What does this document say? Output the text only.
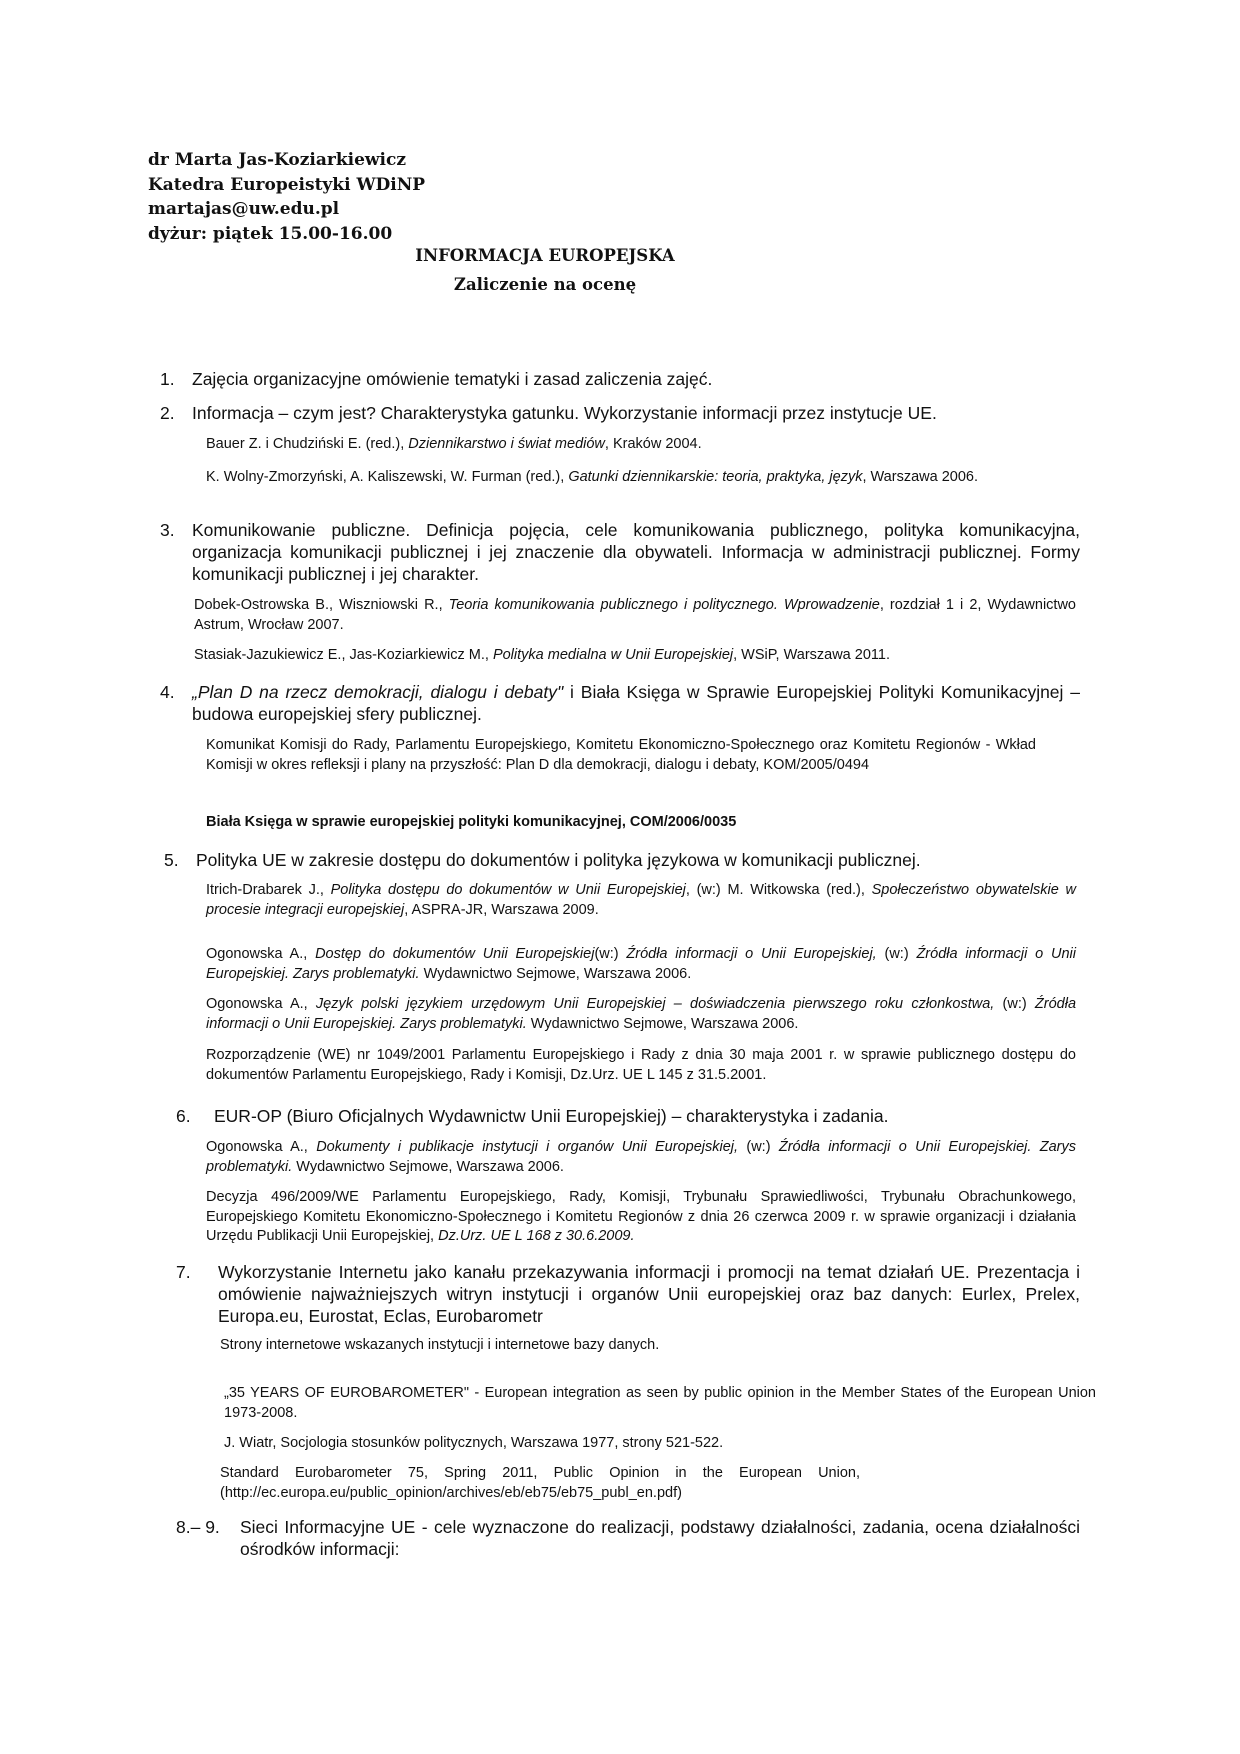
dr Marta Jas-Koziarkiewicz
Katedra Europeistyki WDiNP
martajas@uw.edu.pl
dyżur: piątek 15.00-16.00
INFORMACJA EUROPEJSKA
Zaliczenie na ocenę
1. Zajęcia organizacyjne omówienie tematyki i zasad zaliczenia zajęć.
2. Informacja – czym jest? Charakterystyka gatunku. Wykorzystanie informacji przez instytucje UE.
Bauer Z. i Chudziński E. (red.), Dziennikarstwo i świat mediów, Kraków 2004.
K. Wolny-Zmorzyński, A. Kaliszewski, W. Furman (red.), Gatunki dziennikarskie: teoria, praktyka, język, Warszawa 2006.
3. Komunikowanie publiczne. Definicja pojęcia, cele komunikowania publicznego, polityka komunikacyjna, organizacja komunikacji publicznej i jej znaczenie dla obywateli. Informacja w administracji publicznej. Formy komunikacji publicznej i jej charakter.
Dobek-Ostrowska B., Wiszniowski R., Teoria komunikowania publicznego i politycznego. Wprowadzenie, rozdział 1 i 2, Wydawnictwo Astrum, Wrocław 2007.
Stasiak-Jazukiewicz E., Jas-Koziarkiewicz M., Polityka medialna w Unii Europejskiej, WSiP, Warszawa 2011.
4. „Plan D na rzecz demokracji, dialogu i debaty" i Biała Księga w Sprawie Europejskiej Polityki Komunikacyjnej – budowa europejskiej sfery publicznej.
Komunikat Komisji do Rady, Parlamentu Europejskiego, Komitetu Ekonomiczno-Społecznego oraz Komitetu Regionów - Wkład Komisji w okres refleksji i plany na przyszłość: Plan D dla demokracji, dialogu i debaty, KOM/2005/0494
Biała Księga w sprawie europejskiej polityki komunikacyjnej, COM/2006/0035
5. Polityka UE w zakresie dostępu do dokumentów i polityka językowa w komunikacji publicznej.
Itrich-Drabarek J., Polityka dostępu do dokumentów w Unii Europejskiej, (w:) M. Witkowska (red.), Społeczeństwo obywatelskie w procesie integracji europejskiej, ASPRA-JR, Warszawa 2009.
Ogonowska A., Dostęp do dokumentów Unii Europejskiej(w:) Źródła informacji o Unii Europejskiej, (w:) Źródła informacji o Unii Europejskiej. Zarys problematyki. Wydawnictwo Sejmowe, Warszawa 2006.
Ogonowska A., Język polski językiem urzędowym Unii Europejskiej – doświadczenia pierwszego roku członkostwa, (w:) Źródła informacji o Unii Europejskiej. Zarys problematyki. Wydawnictwo Sejmowe, Warszawa 2006.
Rozporządzenie (WE) nr 1049/2001 Parlamentu Europejskiego i Rady z dnia 30 maja 2001 r. w sprawie publicznego dostępu do dokumentów Parlamentu Europejskiego, Rady i Komisji, Dz.Urz. UE L 145 z 31.5.2001.
6.	EUR-OP (Biuro Oficjalnych Wydawnictw Unii Europejskiej) – charakterystyka i zadania.
Ogonowska A., Dokumenty i publikacje instytucji i organów Unii Europejskiej, (w:) Źródła informacji o Unii Europejskiej. Zarys problematyki. Wydawnictwo Sejmowe, Warszawa 2006.
Decyzja 496/2009/WE Parlamentu Europejskiego, Rady, Komisji, Trybunału Sprawiedliwości, Trybunału Obrachunkowego, Europejskiego Komitetu Ekonomiczno-Społecznego i Komitetu Regionów z dnia 26 czerwca 2009 r. w sprawie organizacji i działania Urzędu Publikacji Unii Europejskiej, Dz.Urz. UE L 168 z 30.6.2009.
7.	Wykorzystanie Internetu jako kanału przekazywania informacji i promocji na temat działań UE. Prezentacja i omówienie najważniejszych witryn instytucji i organów Unii europejskiej oraz baz danych: Eurlex, Prelex, Europa.eu, Eurostat, Eclas, Eurobarometr
Strony internetowe wskazanych instytucji i internetowe bazy danych.
„35 YEARS OF EUROBAROMETER" - European integration as seen by public opinion in the Member States of the European Union 1973-2008.
J. Wiatr, Socjologia stosunków politycznych, Warszawa 1977, strony 521-522.
Standard Eurobarometer 75, Spring 2011, Public Opinion in the European Union, (http://ec.europa.eu/public_opinion/archives/eb/eb75/eb75_publ_en.pdf)
8.– 9.	Sieci Informacyjne UE - cele wyznaczone do realizacji, podstawy działalności, zadania, ocena działalności ośrodków informacji:
